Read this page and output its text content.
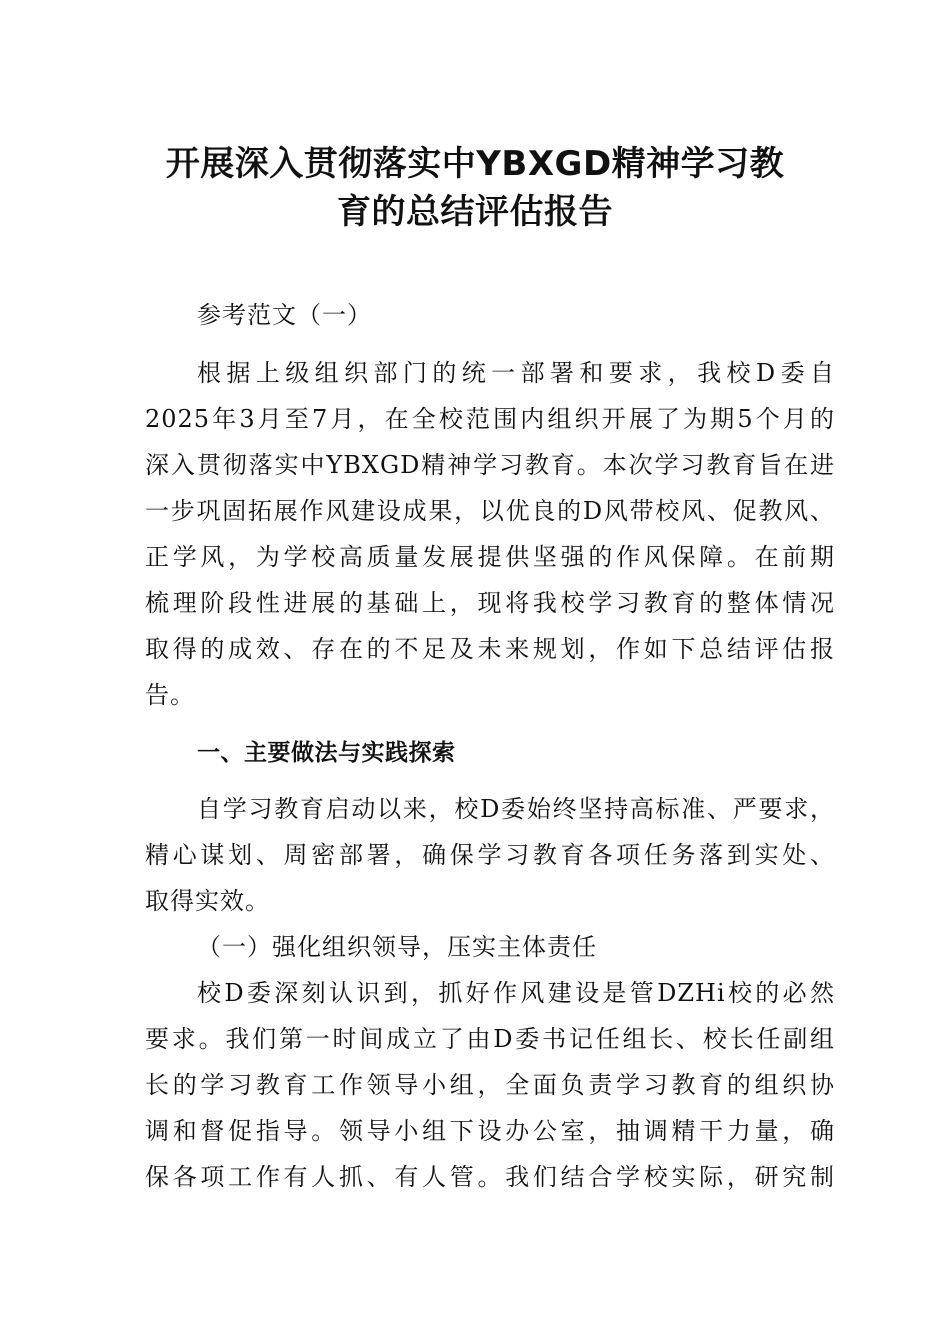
开展深入贯彻落实中YBXGD精神学习教
育的总结评估报告
参考范文（一）
根据上级组织部门的统一部署和要求，我校D委自
2025年3月至7月，在全校范围内组织开展了为期5个月的
深入贯彻落实中YBXGD精神学习教育。本次学习教育旨在进
一步巩固拓展作风建设成果，以优良的D风带校风、促教风、
正学风，为学校高质量发展提供坚强的作风保障。在前期
梳理阶段性进展的基础上，现将我校学习教育的整体情况
取得的成效、存在的不足及未来规划，作如下总结评估报
告。
一、主要做法与实践探索
自学习教育启动以来，校D委始终坚持高标准、严要求，
精心谋划、周密部署，确保学习教育各项任务落到实处、
取得实效。
（一）强化组织领导，压实主体责任
校D委深刻认识到，抓好作风建设是管DZHi校的必然
要求。我们第一时间成立了由D委书记任组长、校长任副组
长的学习教育工作领导小组，全面负责学习教育的组织协
调和督促指导。领导小组下设办公室，抽调精干力量，确
保各项工作有人抓、有人管。我们结合学校实际，研究制
